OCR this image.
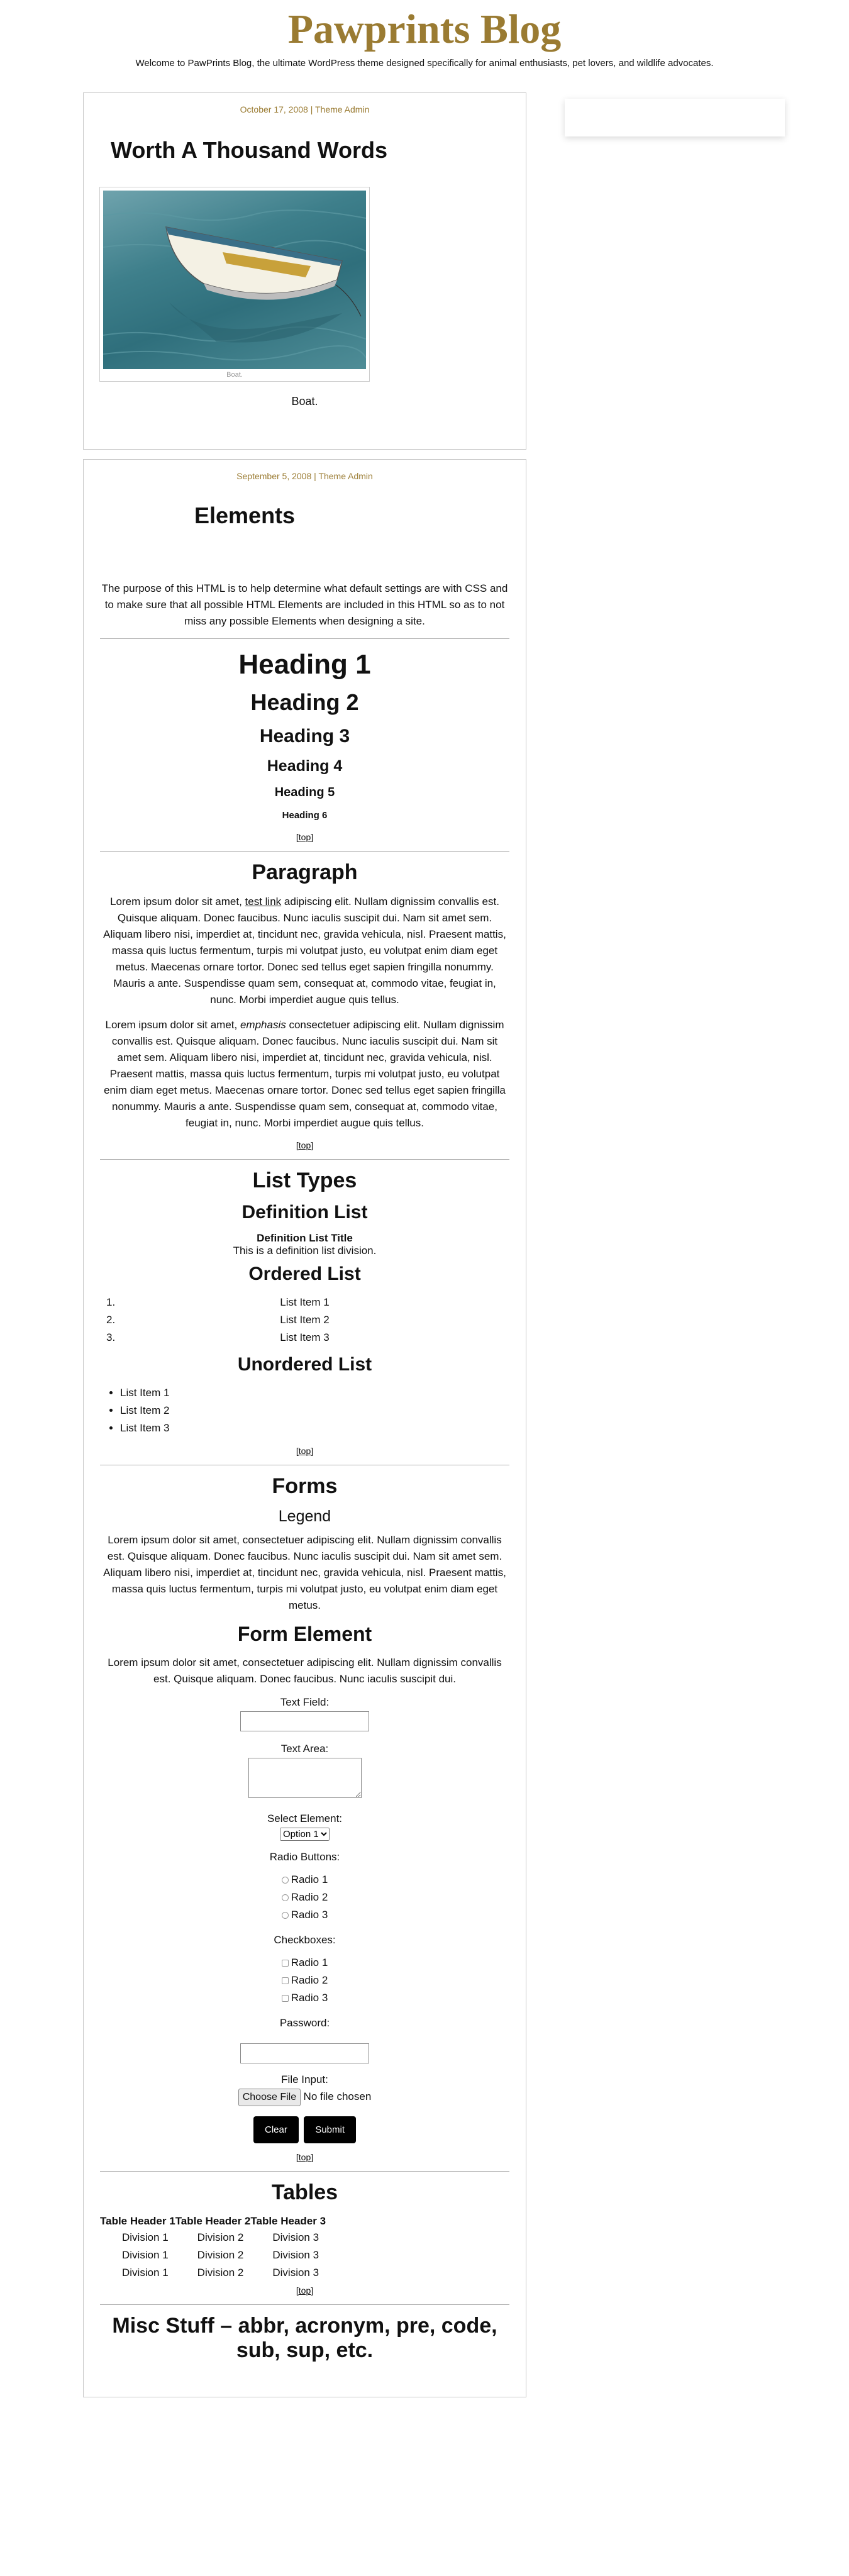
Pawprints Blog

Welcome to PawPrints Blog, the ultimate WordPress theme designed specifically for animal enthusiasts, pet lovers, and wildlife advocates.

October 17, 2008 | Theme Admin
Worth A Thousand Words
Boat.
Boat.
September 5, 2008 | Theme Admin
Elements

The purpose of this HTML is to help determine what default settings are with CSS and to make sure that all possible HTML Elements are included in this HTML so as to not miss any possible Elements when designing a site.

Heading 1
Heading 2
Heading 3
Heading 4
Heading 5
Heading 6
[top]
Paragraph

Lorem ipsum dolor sit amet, test link adipiscing elit. Nullam dignissim convallis est. Quisque aliquam. Donec faucibus. Nunc iaculis suscipit dui. Nam sit amet sem. Aliquam libero nisi, imperdiet at, tincidunt nec, gravida vehicula, nisl. Praesent mattis, massa quis luctus fermentum, turpis mi volutpat justo, eu volutpat enim diam eget metus. Maecenas ornare tortor. Donec sed tellus eget sapien fringilla nonummy. Mauris a ante. Suspendisse quam sem, consequat at, commodo vitae, feugiat in, nunc. Morbi imperdiet augue quis tellus.

Lorem ipsum dolor sit amet, emphasis consectetuer adipiscing elit. Nullam dignissim convallis est. Quisque aliquam. Donec faucibus. Nunc iaculis suscipit dui. Nam sit amet sem. Aliquam libero nisi, imperdiet at, tincidunt nec, gravida vehicula, nisl. Praesent mattis, massa quis luctus fermentum, turpis mi volutpat justo, eu volutpat enim diam eget metus. Maecenas ornare tortor. Donec sed tellus eget sapien fringilla nonummy. Mauris a ante. Suspendisse quam sem, consequat at, commodo vitae, feugiat in, nunc. Morbi imperdiet augue quis tellus.

[top]
List Types
Definition List
Definition List Title
This is a definition list division.
Ordered List
1.	List Item 1
2.	List Item 2
3.	List Item 3
Unordered List
• List Item 1
• List Item 2
• List Item 3
[top]
Forms
Legend

Lorem ipsum dolor sit amet, consectetuer adipiscing elit. Nullam dignissim convallis est. Quisque aliquam. Donec faucibus. Nunc iaculis suscipit dui. Nam sit amet sem. Aliquam libero nisi, imperdiet at, tincidunt nec, gravida vehicula, nisl. Praesent mattis, massa quis luctus fermentum, turpis mi volutpat justo, eu volutpat enim diam eget metus.

Form Element

Lorem ipsum dolor sit amet, consectetuer adipiscing elit. Nullam dignissim convallis est. Quisque aliquam. Donec faucibus. Nunc iaculis suscipit dui.

Text Field:
Text Area:
Select Element:
Option 1
Radio Buttons:
Radio 1
Radio 2
Radio 3
Checkboxes:
Radio 1
Radio 2
Radio 3
Password:
File Input:
Choose File No file chosen
Clear	Submit
[top]
Tables
Table Header 1	Table Header 2	Table Header 3
Division 1	Division 2	Division 3
Division 1	Division 2	Division 3
Division 1	Division 2	Division 3
[top]
Misc Stuff – abbr, acronym, pre, code, sub, sup, etc.
